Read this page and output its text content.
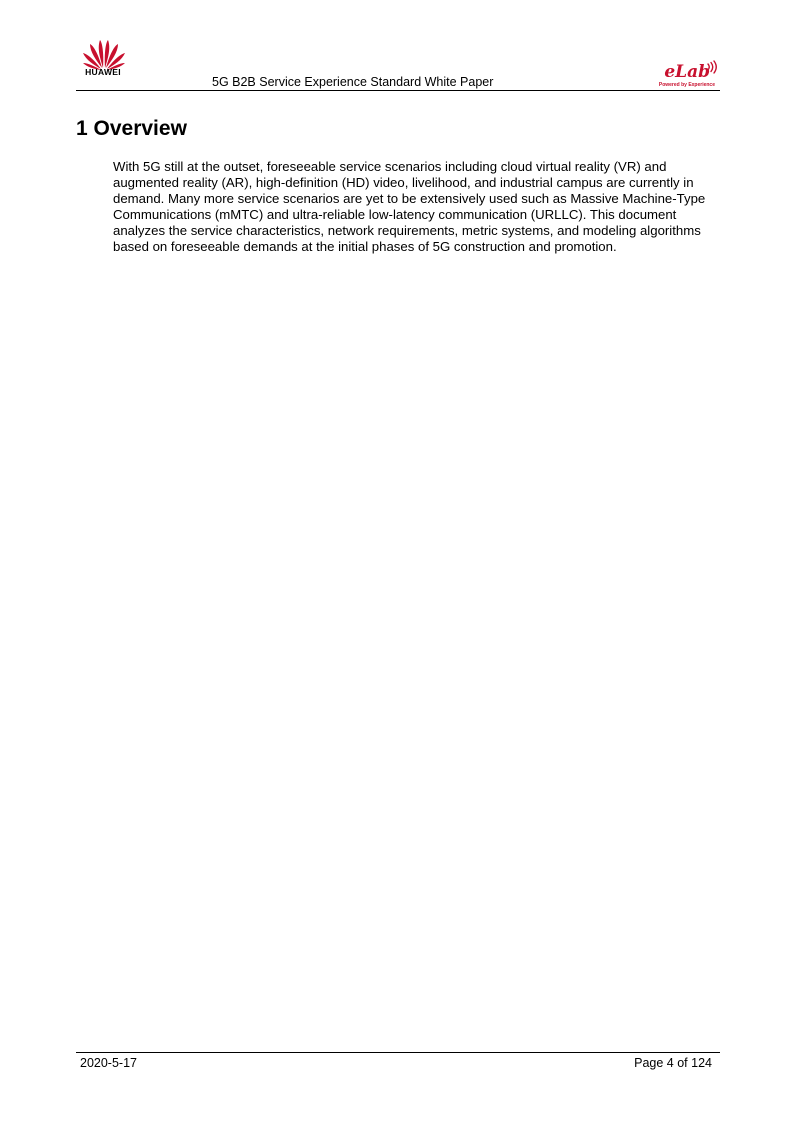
HUAWEI
5G B2B Service Experience Standard White Paper	eLab
Powered by Experience
1 Overview
With 5G still at the outset, foreseeable service scenarios including cloud virtual reality (VR) and augmented reality (AR), high-definition (HD) video, livelihood, and industrial campus are currently in demand. Many more service scenarios are yet to be extensively used such as Massive Machine-Type Communications (mMTC) and ultra-reliable low-latency communication (URLLC). This document analyzes the service characteristics, network requirements, metric systems, and modeling algorithms based on foreseeable demands at the initial phases of 5G construction and promotion.
2020-5-17	Page 4 of 124
